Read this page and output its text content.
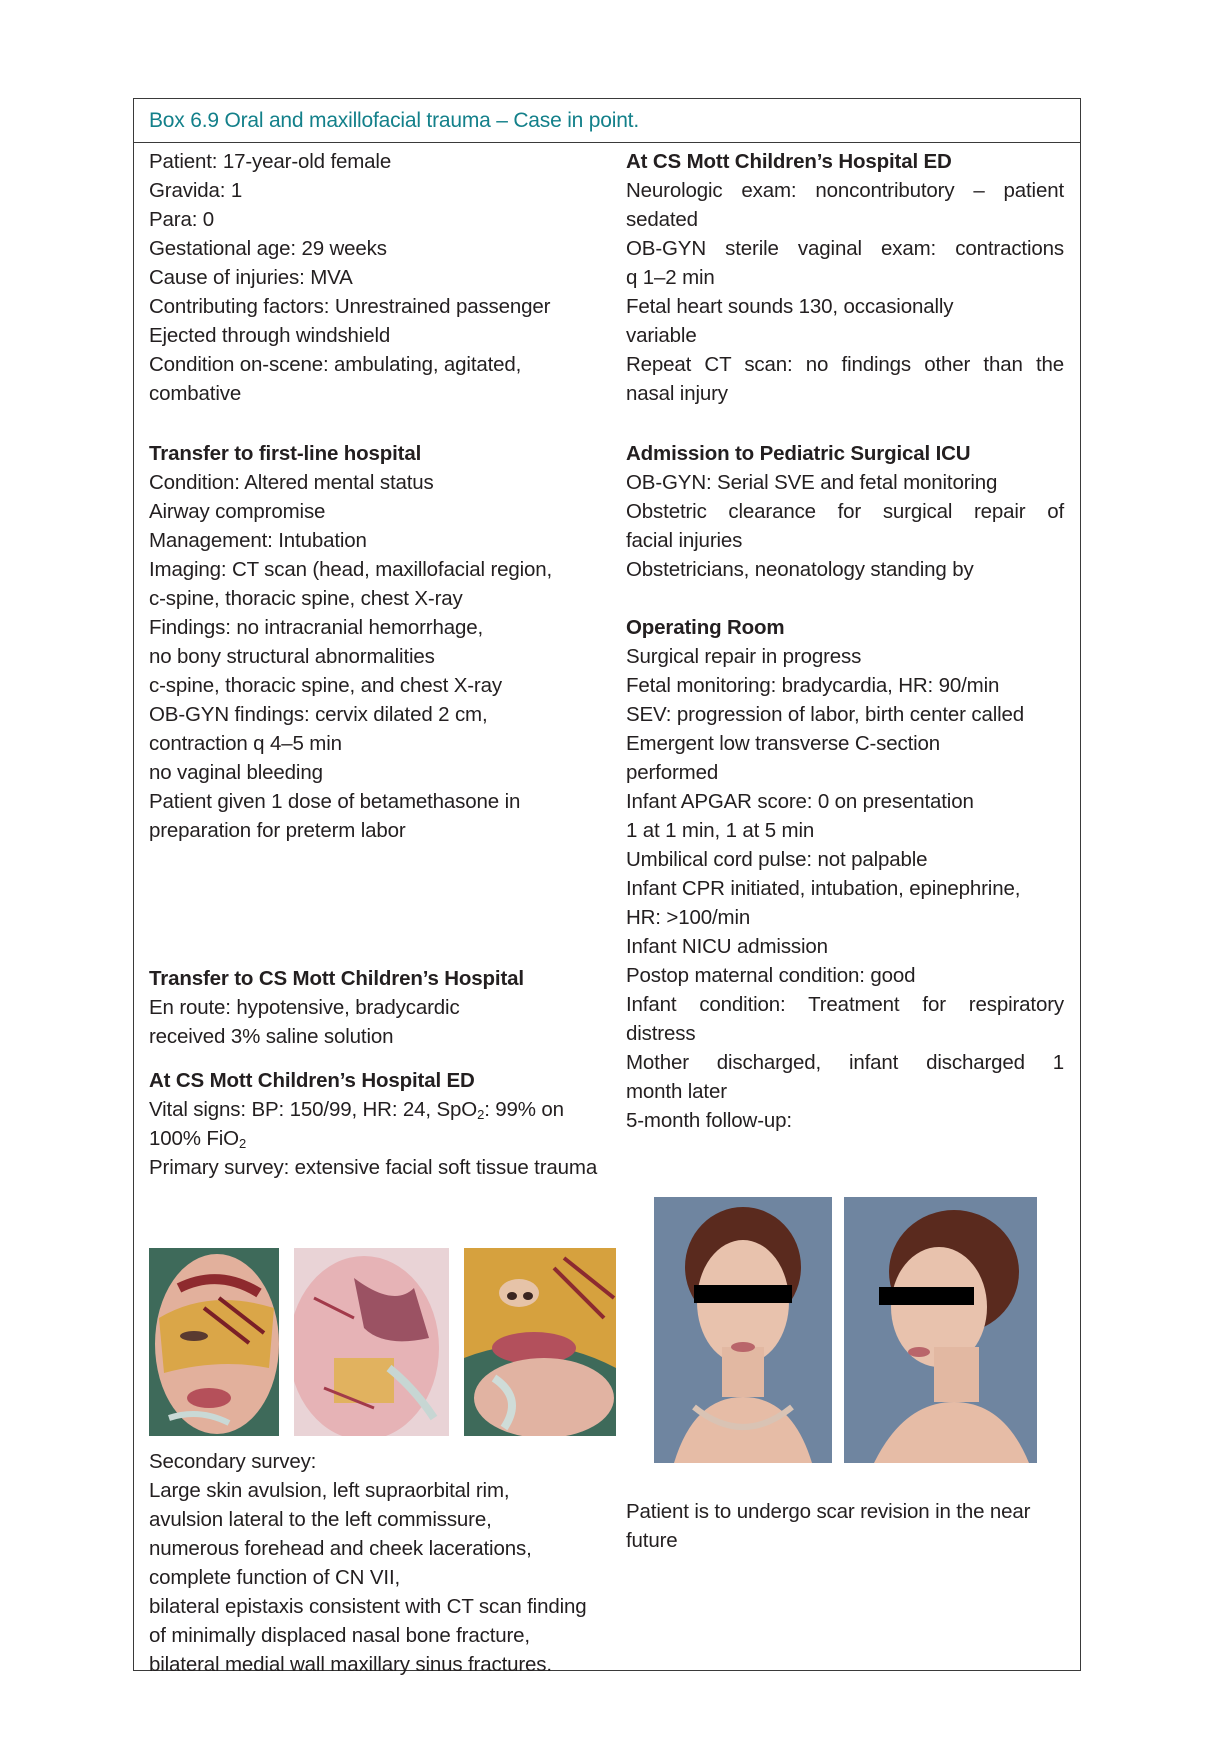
Box 6.9 Oral and maxillofacial trauma – Case in point.

Patient: 17-year-old female

Gravida: 1

Para: 0

Gestational age: 29 weeks

Cause of injuries: MVA

Contributing factors: Unrestrained passenger

Ejected through windshield

Condition on-scene: ambulating, agitated,

combative

Transfer to first-line hospital

Condition: Altered mental status

Airway compromise

Management: Intubation

Imaging: CT scan (head, maxillofacial region,

c-spine, thoracic spine, chest X-ray

Findings: no intracranial hemorrhage,

no bony structural abnormalities

c-spine, thoracic spine, and chest X-ray

OB-GYN findings: cervix dilated 2 cm,

contraction q 4–5 min

no vaginal bleeding

Patient given 1 dose of betamethasone in

preparation for preterm labor

Transfer to CS Mott Children’s Hospital

En route: hypotensive, bradycardic

received 3% saline solution

At CS Mott Children’s Hospital ED

Vital signs: BP: 150/99, HR: 24, SpO$_2$: 99% on

100% FiO$_2$

Primary survey: extensive facial soft tissue trauma

Secondary survey:

Large skin avulsion, left supraorbital rim,

avulsion lateral to the left commissure,

numerous forehead and cheek lacerations,

complete function of CN VII,

bilateral epistaxis consistent with CT scan finding

of minimally displaced nasal bone fracture,

bilateral medial wall maxillary sinus fractures.

At CS Mott Children’s Hospital ED

Neurologic exam: noncontributory – patient

sedated

OB-GYN sterile vaginal exam: contractions

q 1–2 min

Fetal heart sounds 130, occasionally

variable

Repeat CT scan: no findings other than the

nasal injury

Admission to Pediatric Surgical ICU

OB-GYN: Serial SVE and fetal monitoring

Obstetric clearance for surgical repair of

facial injuries

Obstetricians, neonatology standing by

Operating Room

Surgical repair in progress

Fetal monitoring: bradycardia, HR: 90/min

SEV: progression of labor, birth center called

Emergent low transverse C-section

performed

Infant APGAR score: 0 on presentation

1 at 1 min, 1 at 5 min

Umbilical cord pulse: not palpable

Infant CPR initiated, intubation, epinephrine,

HR: >100/min

Infant NICU admission

Postop maternal condition: good

Infant condition: Treatment for respiratory

distress

Mother discharged, infant discharged 1

month later

5-month follow-up:

Patient is to undergo scar revision in the near

future
